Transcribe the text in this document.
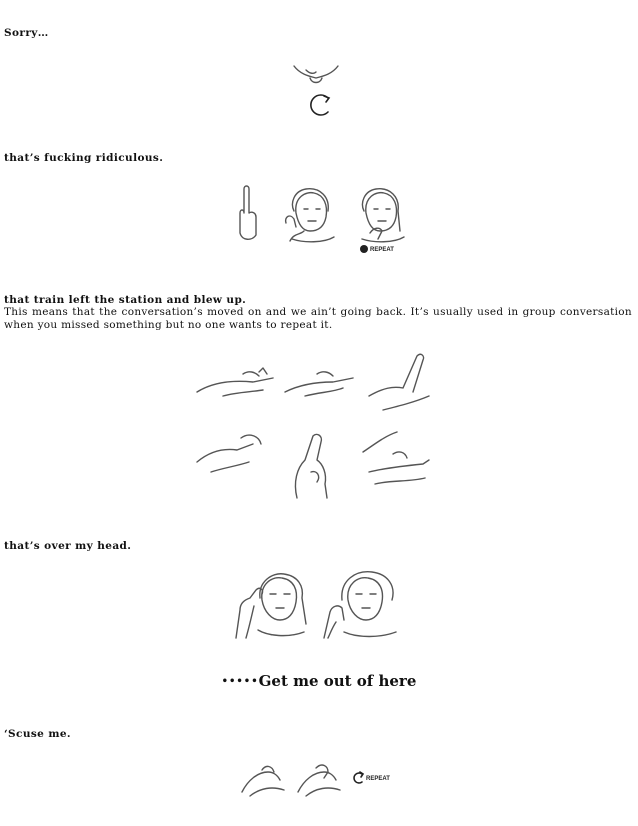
Sorry…
that’s fucking ridiculous.
REPEAT
that train left the station and blew up.
This means that the conversation’s moved on and we ain’t going back. It’s usually used in group conversation when you missed something but no one wants to repeat it.
that’s over my head.
•••••Get me out of here
‘Scuse me.
REPEAT
